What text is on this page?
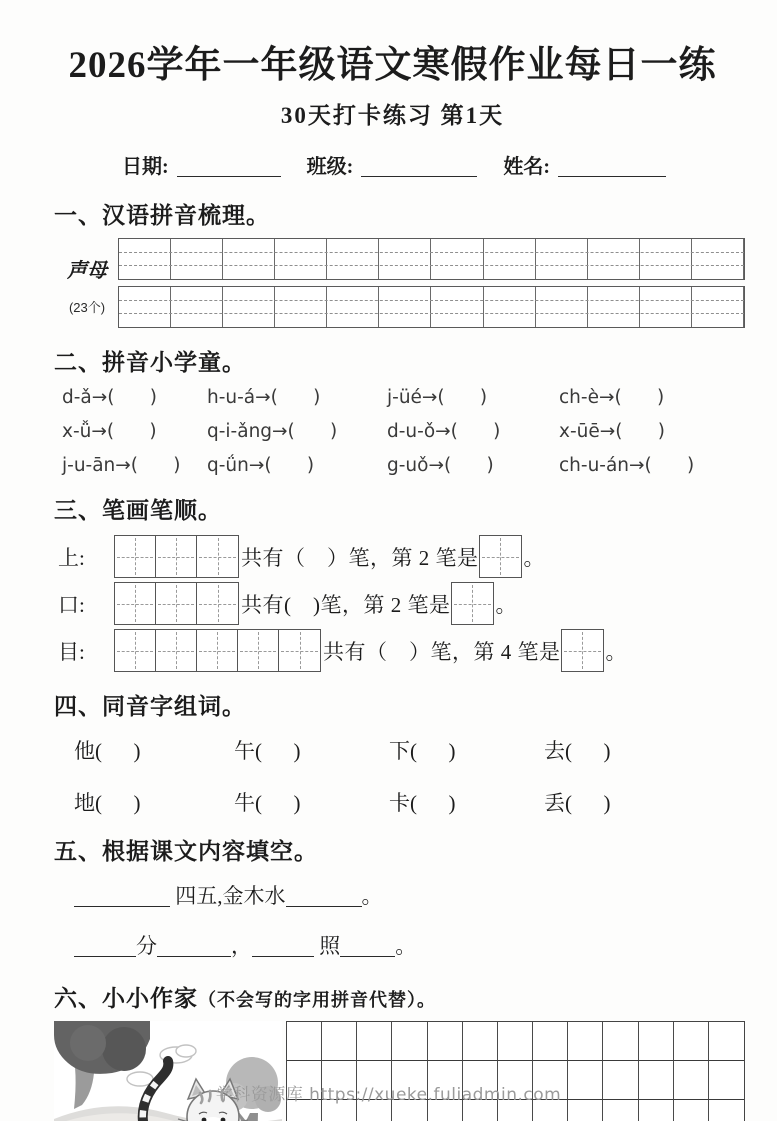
2026学年一年级语文寒假作业每日一练
30天打卡练习 第1天
日期:	班级:	姓名:
一、汉语拼音梳理。
声母
(23个)
二、拼音小学童。
d-ǎ→(      )	h-u-á→(      )	j-üé→(      )	ch-è→(      )
x-ǚ→(      )	q-i-ǎng→(      )	d-u-ǒ→(      )	x-ūē→(      )
j-u-ān→(      )	q-ǘn→(      )	g-uǒ→(      )	ch-u-án→(      )
三、笔画笔顺。
上:	共有（　）笔，第 2 笔是 。
口:	共有(　)笔，第 2 笔是 。
目:	共有（　）笔，第 4 笔是 。
四、同音字组词。
他(      )	午(      )	下(      )	去(      )
地(      )	牛(      )	卡(      )	丢(      )
五、根据课文内容填空。
四五,金木水	。
分	，	照	。
六、小小作家 （不会写的字用拼音代替）。
学科资源库 https://xueke.fuliadmin.com
